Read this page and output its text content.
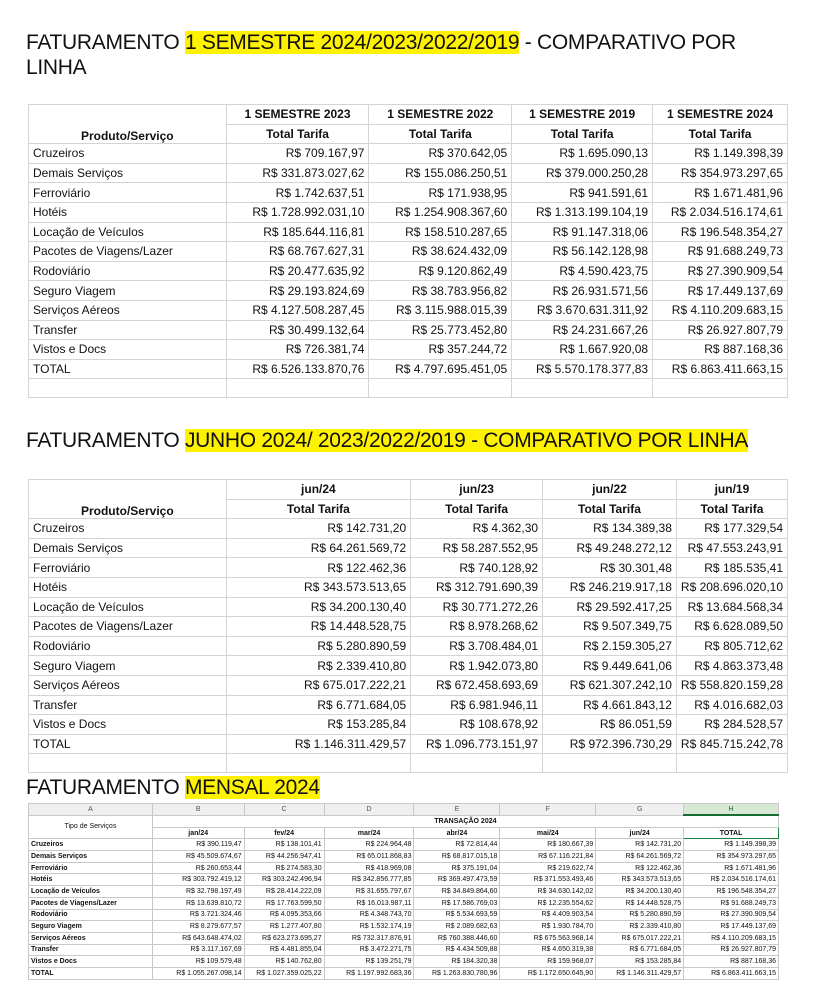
FATURAMENTO 1 SEMESTRE 2024/2023/2022/2019 - COMPARATIVO POR LINHA
Produto/Serviço	1 SEMESTRE 2023	1 SEMESTRE 2022	1 SEMESTRE 2019	1 SEMESTRE 2024
	Total Tarifa	Total Tarifa	Total Tarifa	Total Tarifa
Cruzeiros	R$ 709.167,97	R$ 370.642,05	R$ 1.695.090,13	R$ 1.149.398,39
Demais Serviços	R$ 331.873.027,62	R$ 155.086.250,51	R$ 379.000.250,28	R$ 354.973.297,65
Ferroviário	R$ 1.742.637,51	R$ 171.938,95	R$ 941.591,61	R$ 1.671.481,96
Hotéis	R$ 1.728.992.031,10	R$ 1.254.908.367,60	R$ 1.313.199.104,19	R$ 2.034.516.174,61
Locação de Veículos	R$ 185.644.116,81	R$ 158.510.287,65	R$ 91.147.318,06	R$ 196.548.354,27
Pacotes de Viagens/Lazer	R$ 68.767.627,31	R$ 38.624.432,09	R$ 56.142.128,98	R$ 91.688.249,73
Rodoviário	R$ 20.477.635,92	R$ 9.120.862,49	R$ 4.590.423,75	R$ 27.390.909,54
Seguro Viagem	R$ 29.193.824,69	R$ 38.783.956,82	R$ 26.931.571,56	R$ 17.449.137,69
Serviços Aéreos	R$ 4.127.508.287,45	R$ 3.115.988.015,39	R$ 3.670.631.311,92	R$ 4.110.209.683,15
Transfer	R$ 30.499.132,64	R$ 25.773.452,80	R$ 24.231.667,26	R$ 26.927.807,79
Vistos e Docs	R$ 726.381,74	R$ 357.244,72	R$ 1.667.920,08	R$ 887.168,36
TOTAL	R$ 6.526.133.870,76	R$ 4.797.695.451,05	R$ 5.570.178.377,83	R$ 6.863.411.663,15

FATURAMENTO JUNHO 2024/ 2023/2022/2019 - COMPARATIVO POR LINHA
Produto/Serviço	jun/24	jun/23	jun/22	jun/19
	Total Tarifa	Total Tarifa	Total Tarifa	Total Tarifa
Cruzeiros	R$ 142.731,20	R$ 4.362,30	R$ 134.389,38	R$ 177.329,54
Demais Serviços	R$ 64.261.569,72	R$ 58.287.552,95	R$ 49.248.272,12	R$ 47.553.243,91
Ferroviário	R$ 122.462,36	R$ 740.128,92	R$ 30.301,48	R$ 185.535,41
Hotéis	R$ 343.573.513,65	R$ 312.791.690,39	R$ 246.219.917,18	R$ 208.696.020,10
Locação de Veículos	R$ 34.200.130,40	R$ 30.771.272,26	R$ 29.592.417,25	R$ 13.684.568,34
Pacotes de Viagens/Lazer	R$ 14.448.528,75	R$ 8.978.268,62	R$ 9.507.349,75	R$ 6.628.089,50
Rodoviário	R$ 5.280.890,59	R$ 3.708.484,01	R$ 2.159.305,27	R$ 805.712,62
Seguro Viagem	R$ 2.339.410,80	R$ 1.942.073,80	R$ 9.449.641,06	R$ 4.863.373,48
Serviços Aéreos	R$ 675.017.222,21	R$ 672.458.693,69	R$ 621.307.242,10	R$ 558.820.159,28
Transfer	R$ 6.771.684,05	R$ 6.981.946,11	R$ 4.661.843,12	R$ 4.016.682,03
Vistos e Docs	R$ 153.285,84	R$ 108.678,92	R$ 86.051,59	R$ 284.528,57
TOTAL	R$ 1.146.311.429,57	R$ 1.096.773.151,97	R$ 972.396.730,29	R$ 845.715.242,78

FATURAMENTO MENSAL 2024
A	B	C	D	E	F	G	H
Tipo de Serviços	TRANSAÇÃO 2024						
	jan/24	fev/24	mar/24	abr/24	mai/24	jun/24	TOTAL
Cruzeiros	R$ 390.119,47	R$ 138.101,41	R$ 224.964,48	R$ 72.814,44	R$ 180.667,39	R$ 142.731,20	R$ 1.149.398,39
Demais Serviços	R$ 45.509.674,67	R$ 44.256.947,41	R$ 65.011.868,83	R$ 68.817.015,18	R$ 67.116.221,84	R$ 64.261.569,72	R$ 354.973.297,65
Ferroviário	R$ 260.653,44	R$ 274.583,30	R$ 418.969,08	R$ 375.191,04	R$ 219.622,74	R$ 122.462,36	R$ 1.671.481,96
Hotéis	R$ 303.792.419,12	R$ 303.242.496,94	R$ 342.856.777,85	R$ 369.497.473,59	R$ 371.553.493,46	R$ 343.573.513,65	R$ 2.034.516.174,61
Locação de Veículos	R$ 32.798.197,49	R$ 28.414.222,09	R$ 31.655.797,67	R$ 34.849.864,60	R$ 34.630.142,02	R$ 34.200.130,40	R$ 196.548.354,27
Pacotes de Viagens/Lazer	R$ 13.639.810,72	R$ 17.763.599,50	R$ 16.013.987,11	R$ 17.586.769,03	R$ 12.235.554,62	R$ 14.448.528,75	R$ 91.688.249,73
Rodoviário	R$ 3.721.324,46	R$ 4.095.353,66	R$ 4.348.743,70	R$ 5.534.693,59	R$ 4.409.903,54	R$ 5.280.890,59	R$ 27.390.909,54
Seguro Viagem	R$ 8.279.677,57	R$ 1.277.407,80	R$ 1.532.174,19	R$ 2.089.682,63	R$ 1.930.784,70	R$ 2.339.410,80	R$ 17.449.137,69
Serviços Aéreos	R$ 643.648.474,02	R$ 623.273.695,27	R$ 732.317.876,91	R$ 760.388.446,60	R$ 675.563.968,14	R$ 675.017.222,21	R$ 4.110.209.683,15
Transfer	R$ 3.117.167,69	R$ 4.481.855,04	R$ 3.472.271,75	R$ 4.434.509,88	R$ 4.650.319,38	R$ 6.771.684,05	R$ 26.927.807,79
Vistos e Docs	R$ 109.579,48	R$ 140.762,80	R$ 139.251,79	R$ 184.320,38	R$ 159.968,07	R$ 153.285,84	R$ 887.168,36
TOTAL	R$ 1.055.267.098,14	R$ 1.027.359.025,22	R$ 1.197.992.683,36	R$ 1.263.830.780,96	R$ 1.172.650.645,90	R$ 1.146.311.429,57	R$ 6.863.411.663,15
